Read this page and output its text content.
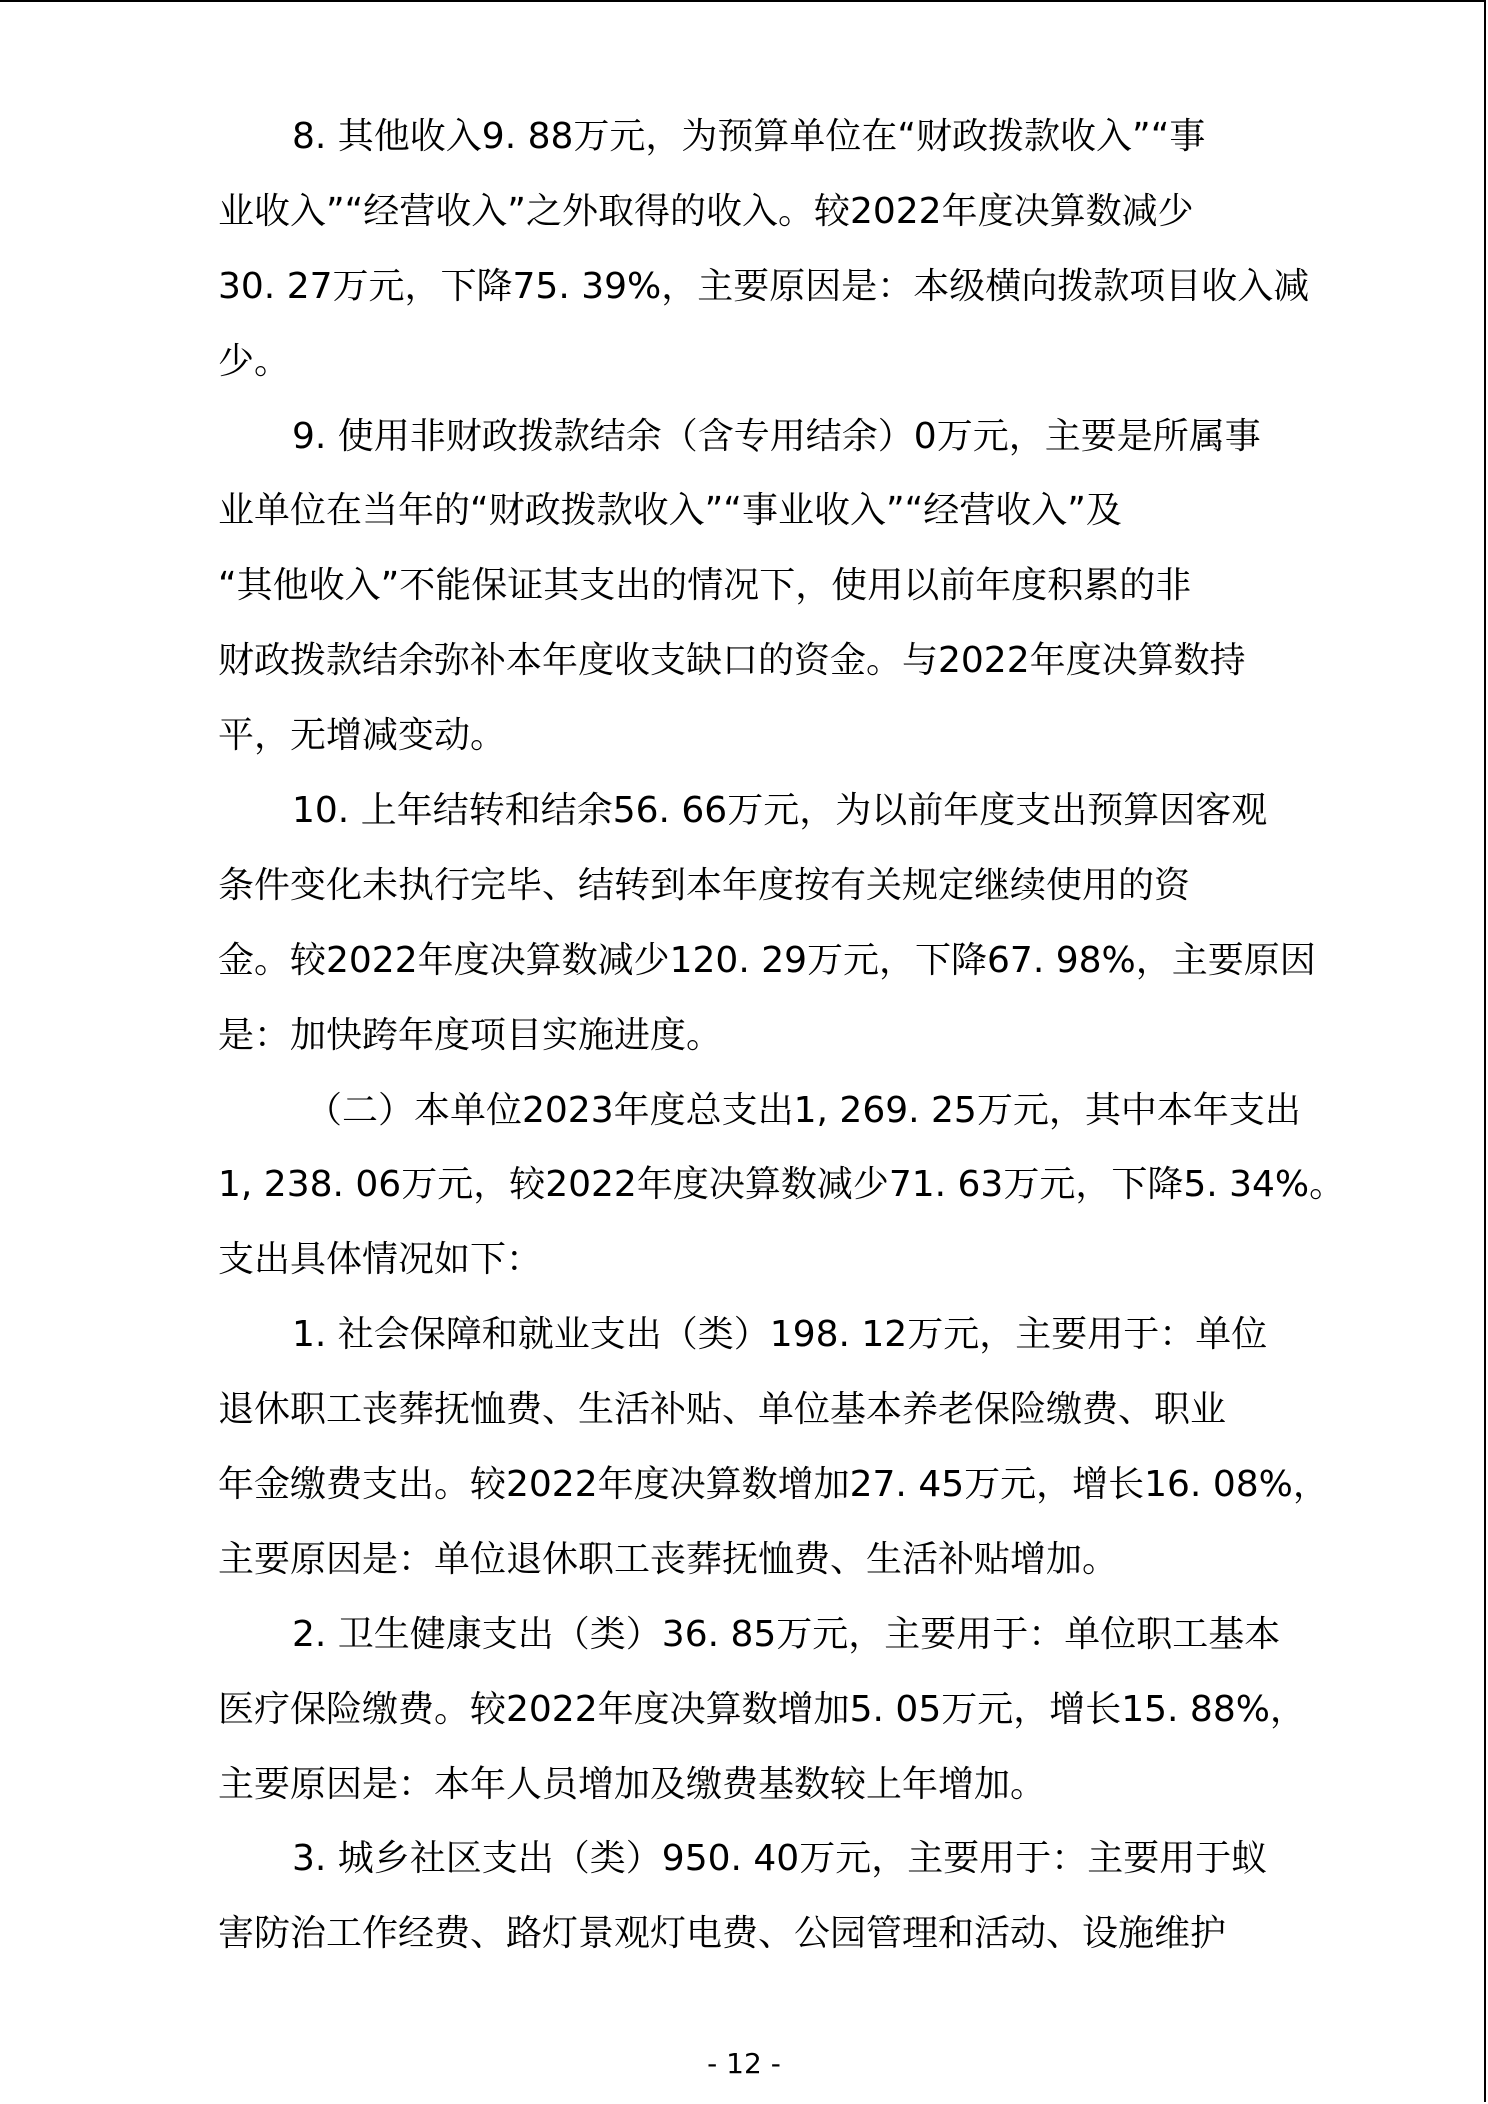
8. 其他收入9. 88万元，为预算单位在“财政拨款收入”“事
业收入”“经营收入”之外取得的收入。较2022年度决算数减少
30. 27万元，下降75. 39%，主要原因是：本级横向拨款项目收入减
少。
9. 使用非财政拨款结余（含专用结余）0万元，主要是所属事
业单位在当年的“财政拨款收入”“事业收入”“经营收入”及
“其他收入”不能保证其支出的情况下，使用以前年度积累的非
财政拨款结余弥补本年度收支缺口的资金。与2022年度决算数持
平，无增减变动。
10. 上年结转和结余56. 66万元，为以前年度支出预算因客观
条件变化未执行完毕、结转到本年度按有关规定继续使用的资
金。较2022年度决算数减少120. 29万元，下降67. 98%，主要原因
是：加快跨年度项目实施进度。
（二）本单位2023年度总支出1, 269. 25万元，其中本年支出
1, 238. 06万元，较2022年度决算数减少71. 63万元，下降5. 34%。
支出具体情况如下：
1. 社会保障和就业支出（类）198. 12万元，主要用于：单位
退休职工丧葬抚恤费、生活补贴、单位基本养老保险缴费、职业
年金缴费支出。较2022年度决算数增加27. 45万元，增长16. 08%，
主要原因是：单位退休职工丧葬抚恤费、生活补贴增加。
2. 卫生健康支出（类）36. 85万元，主要用于：单位职工基本
医疗保险缴费。较2022年度决算数增加5. 05万元，增长15. 88%，
主要原因是：本年人员增加及缴费基数较上年增加。
3. 城乡社区支出（类）950. 40万元，主要用于：主要用于蚁
害防治工作经费、路灯景观灯电费、公园管理和活动、设施维护
- 12 -
